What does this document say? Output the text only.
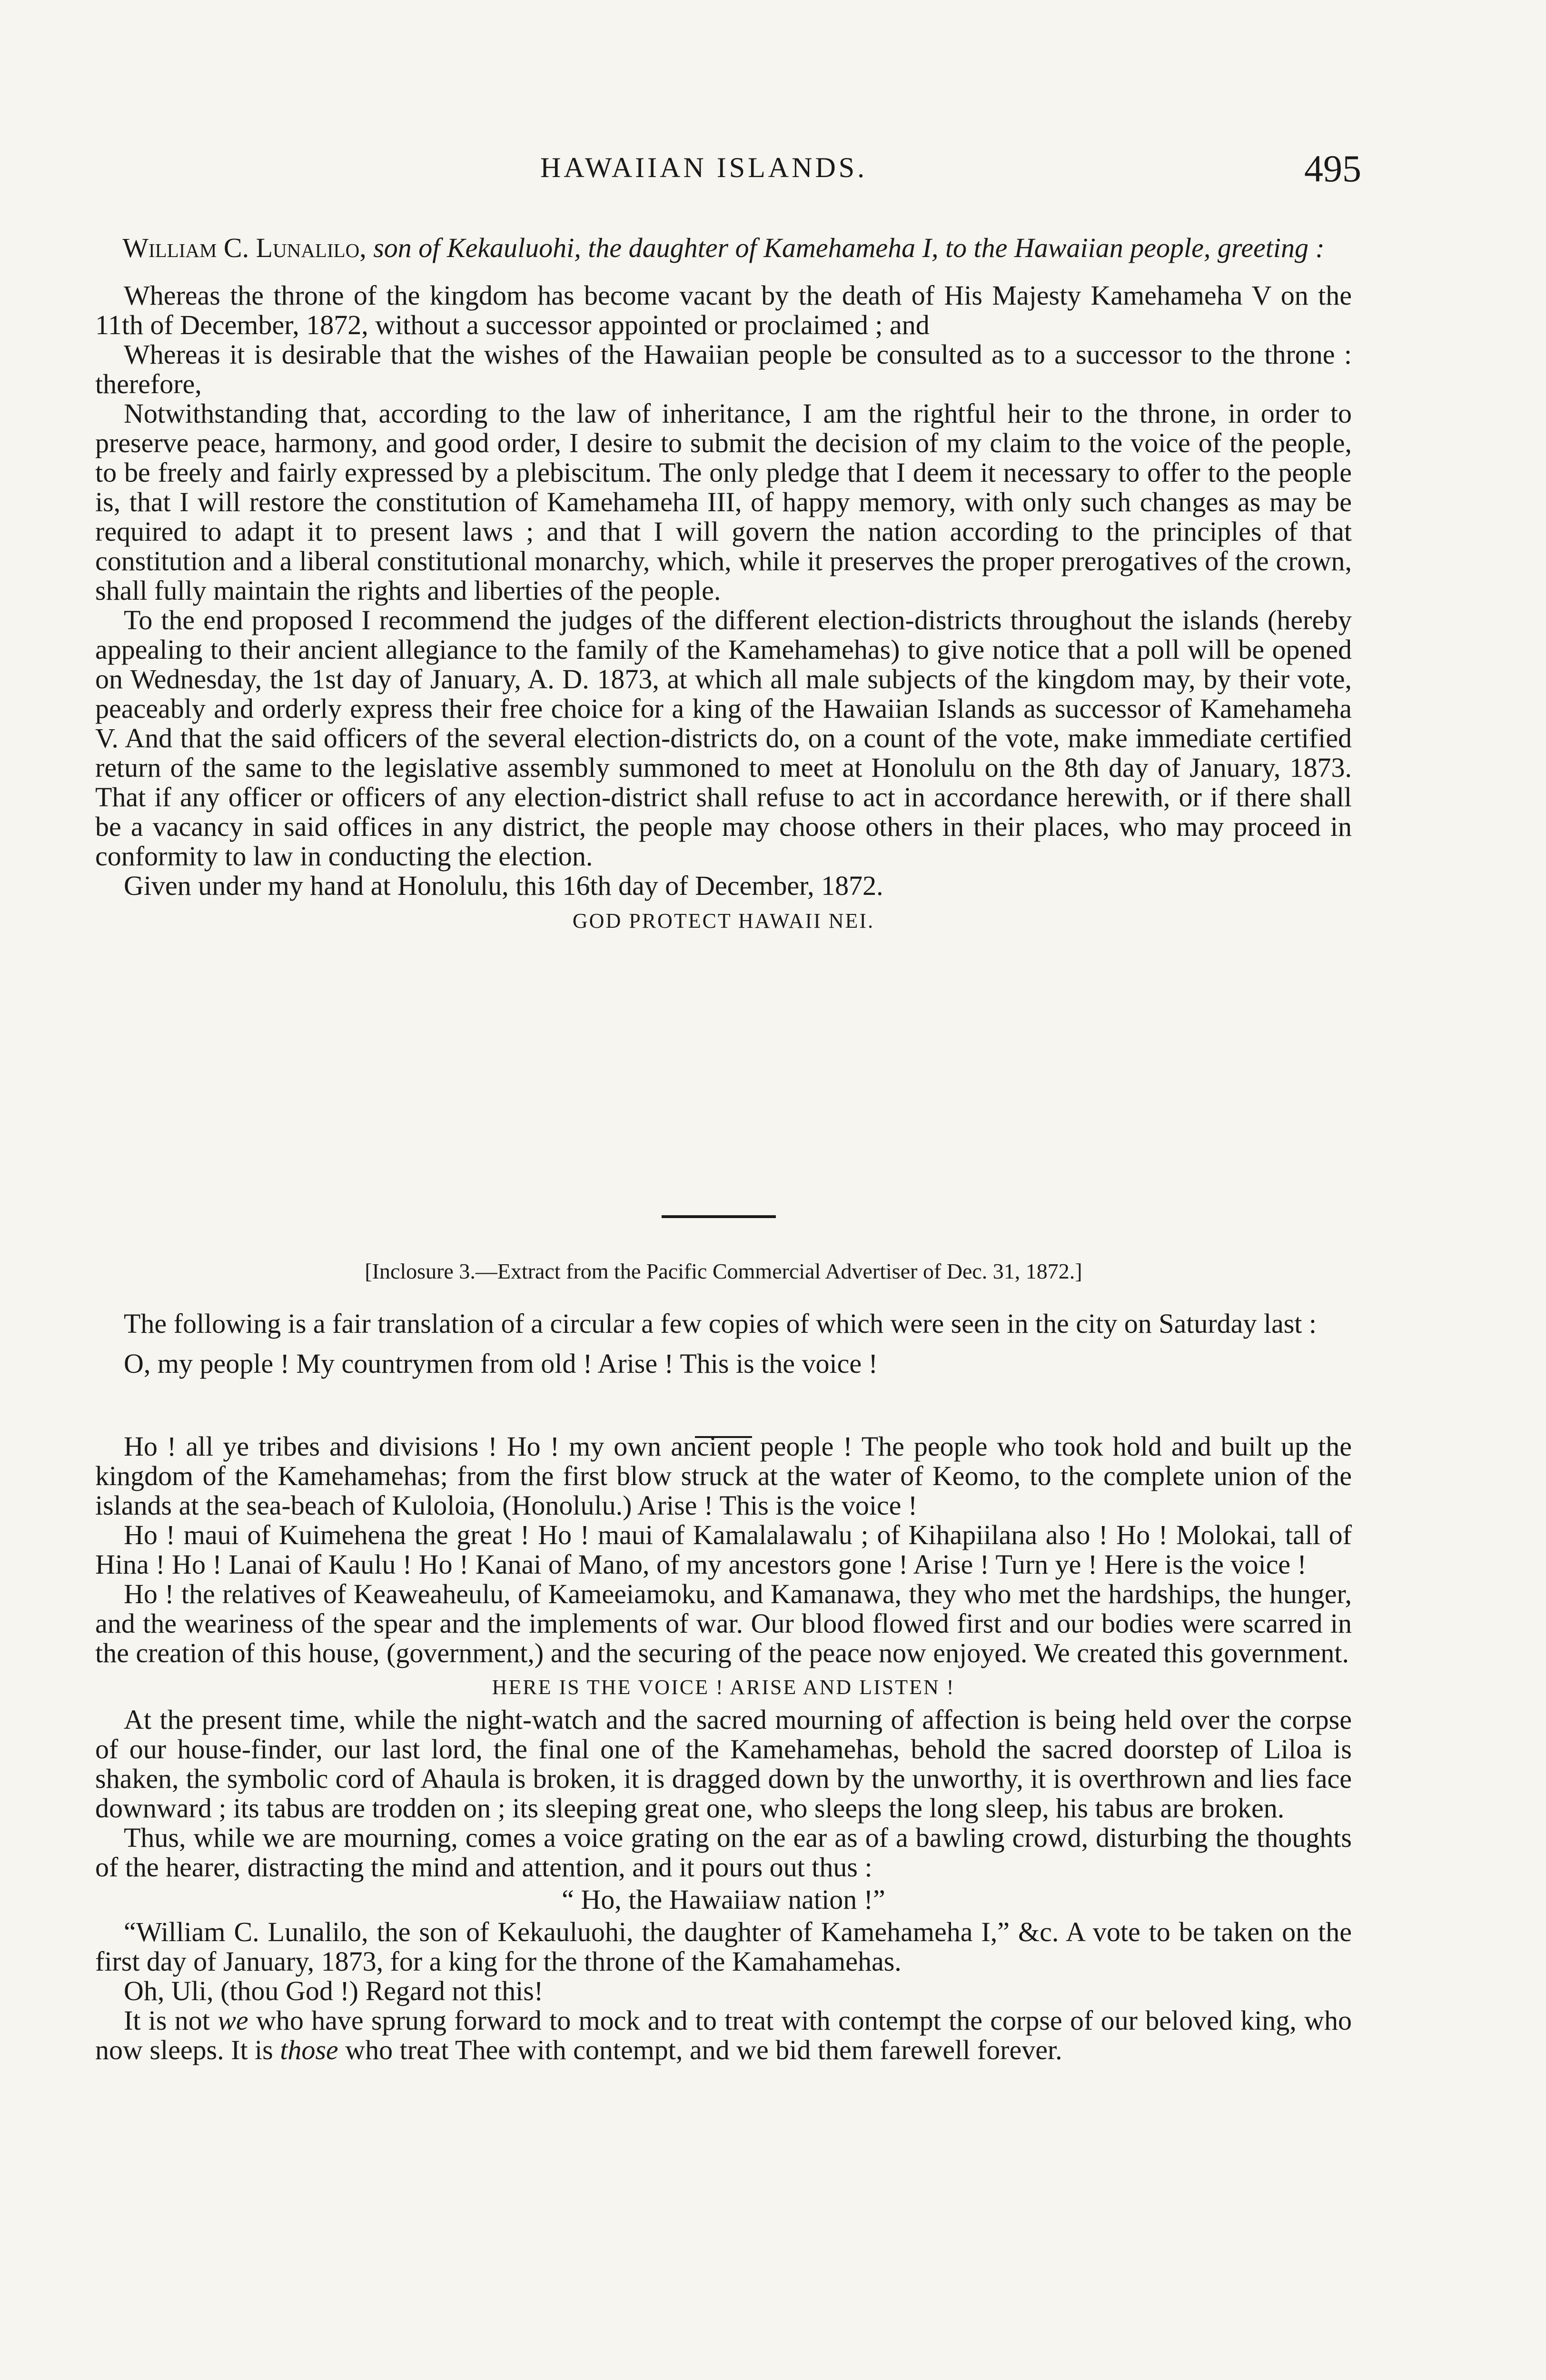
HAWAIIAN ISLANDS.	495

William C. Lunalilo, son of Kekauluohi, the daughter of Kamehameha I, to the Hawaiian people, greeting :

Whereas the throne of the kingdom has become vacant by the death of His Majesty Kamehameha V on the 11th of December, 1872, without a successor appointed or proclaimed ; and

Whereas it is desirable that the wishes of the Hawaiian people be consulted as to a successor to the throne : therefore,

Notwithstanding that, according to the law of inheritance, I am the rightful heir to the throne, in order to preserve peace, harmony, and good order, I desire to submit the decision of my claim to the voice of the people, to be freely and fairly expressed by a plebiscitum. The only pledge that I deem it necessary to offer to the people is, that I will restore the constitution of Kamehameha III, of happy memory, with only such changes as may be required to adapt it to present laws ; and that I will govern the nation according to the principles of that constitution and a liberal constitutional monarchy, which, while it preserves the proper prerogatives of the crown, shall fully maintain the rights and liberties of the people.

To the end proposed I recommend the judges of the different election-districts throughout the islands (hereby appealing to their ancient allegiance to the family of the Kamehamehas) to give notice that a poll will be opened on Wednesday, the 1st day of January, A. D. 1873, at which all male subjects of the kingdom may, by their vote, peaceably and orderly express their free choice for a king of the Hawaiian Islands as successor of Kamehameha V. And that the said officers of the several election-districts do, on a count of the vote, make immediate certified return of the same to the legislative assembly summoned to meet at Honolulu on the 8th day of January, 1873. That if any officer or officers of any election-district shall refuse to act in accordance herewith, or if there shall be a vacancy in said offices in any district, the people may choose others in their places, who may proceed in conformity to law in conducting the election.

Given under my hand at Honolulu, this 16th day of December, 1872.

GOD PROTECT HAWAII NEI.

[Inclosure 3.—Extract from the Pacific Commercial Advertiser of Dec. 31, 1872.]

The following is a fair translation of a circular a few copies of which were seen in the city on Saturday last :

O, my people ! My countrymen from old ! Arise ! This is the voice !

Ho ! all ye tribes and divisions ! Ho ! my own ancient people ! The people who took hold and built up the kingdom of the Kamehamehas; from the first blow struck at the water of Keomo, to the complete union of the islands at the sea-beach of Kuloloia, (Honolulu.) Arise ! This is the voice !

Ho ! maui of Kuimehena the great ! Ho ! maui of Kamalalawalu ; of Kihapiilana also ! Ho ! Molokai, tall of Hina ! Ho ! Lanai of Kaulu ! Ho ! Kanai of Mano, of my ancestors gone ! Arise ! Turn ye ! Here is the voice !

Ho ! the relatives of Keaweaheulu, of Kameeiamoku, and Kamanawa, they who met the hardships, the hunger, and the weariness of the spear and the implements of war. Our blood flowed first and our bodies were scarred in the creation of this house, (government,) and the securing of the peace now enjoyed. We created this government.

HERE IS THE VOICE ! ARISE AND LISTEN !

At the present time, while the night-watch and the sacred mourning of affection is being held over the corpse of our house-finder, our last lord, the final one of the Kamehamehas, behold the sacred doorstep of Liloa is shaken, the symbolic cord of Ahaula is broken, it is dragged down by the unworthy, it is overthrown and lies face downward ; its tabus are trodden on ; its sleeping great one, who sleeps the long sleep, his tabus are broken.

Thus, while we are mourning, comes a voice grating on the ear as of a bawling crowd, disturbing the thoughts of the hearer, distracting the mind and attention, and it pours out thus :

“ Ho, the Hawaiiaw nation !”

“William C. Lunalilo, the son of Kekauluohi, the daughter of Kamehameha I,” &c. A vote to be taken on the first day of January, 1873, for a king for the throne of the Kamahamehas.

Oh, Uli, (thou God !) Regard not this!

It is not we who have sprung forward to mock and to treat with contempt the corpse of our beloved king, who now sleeps. It is those who treat Thee with contempt, and we bid them farewell forever.
